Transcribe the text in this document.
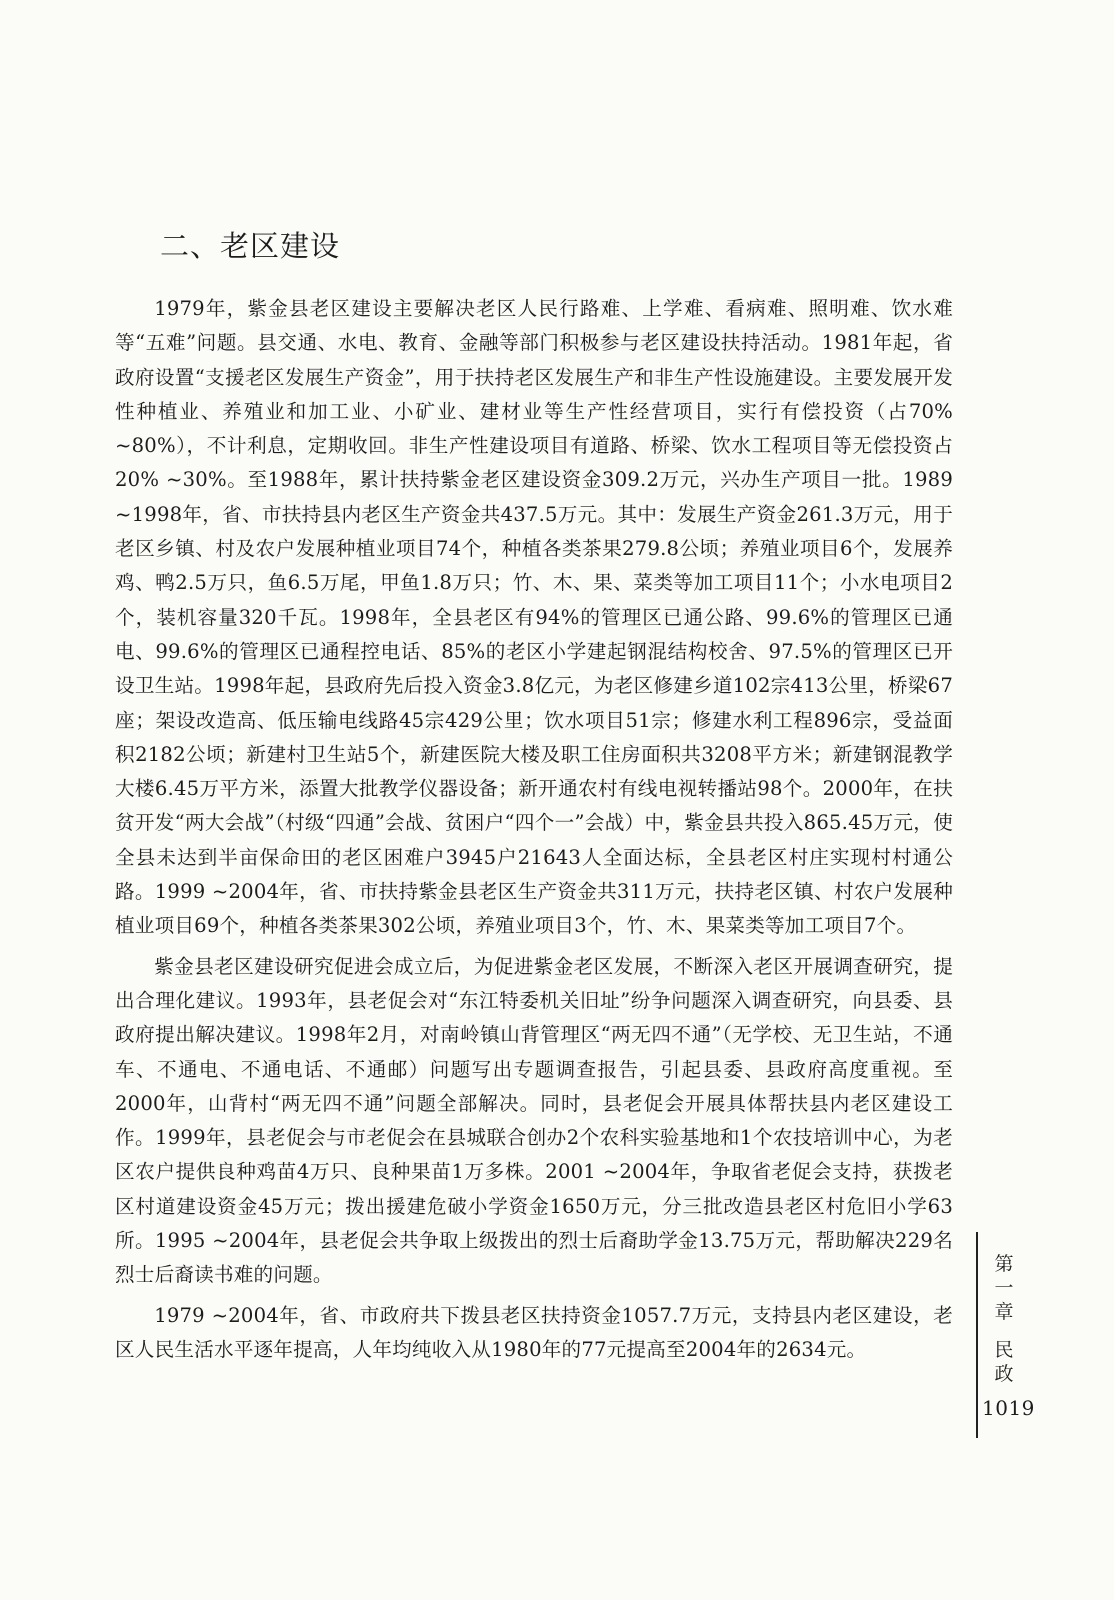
二、老区建设

1979年，紫金县老区建设主要解决老区人民行路难、上学难、看病难、照明难、饮水难等“五难”问题。县交通、水电、教育、金融等部门积极参与老区建设扶持活动。1981年起，省政府设置“支援老区发展生产资金”，用于扶持老区发展生产和非生产性设施建设。主要发展开发性种植业、养殖业和加工业、小矿业、建材业等生产性经营项目，实行有偿投资（占70% ~80%），不计利息，定期收回。非生产性建设项目有道路、桥梁、饮水工程项目等无偿投资占20% ~30%。至1988年，累计扶持紫金老区建设资金309.2万元，兴办生产项目一批。1989 ~1998年，省、市扶持县内老区生产资金共437.5万元。其中：发展生产资金261.3万元，用于老区乡镇、村及农户发展种植业项目74个，种植各类茶果279.8公顷；养殖业项目6个，发展养鸡、鸭2.5万只，鱼6.5万尾，甲鱼1.8万只；竹、木、果、菜类等加工项目11个；小水电项目2个，装机容量320千瓦。1998年，全县老区有94%的管理区已通公路、99.6%的管理区已通电、99.6%的管理区已通程控电话、85%的老区小学建起钢混结构校舍、97.5%的管理区已开设卫生站。1998年起，县政府先后投入资金3.8亿元，为老区修建乡道102宗413公里，桥梁67座；架设改造高、低压输电线路45宗429公里；饮水项目51宗；修建水利工程896宗，受益面积2182公顷；新建村卫生站5个，新建医院大楼及职工住房面积共3208平方米；新建钢混教学大楼6.45万平方米，添置大批教学仪器设备；新开通农村有线电视转播站98个。2000年，在扶贫开发“两大会战”（村级“四通”会战、贫困户“四个一”会战）中，紫金县共投入865.45万元，使全县未达到半亩保命田的老区困难户3945户21643人全面达标，全县老区村庄实现村村通公路。1999 ~2004年，省、市扶持紫金县老区生产资金共311万元，扶持老区镇、村农户发展种植业项目69个，种植各类茶果302公顷，养殖业项目3个，竹、木、果菜类等加工项目7个。

紫金县老区建设研究促进会成立后，为促进紫金老区发展，不断深入老区开展调查研究，提出合理化建议。1993年，县老促会对“东江特委机关旧址”纷争问题深入调查研究，向县委、县政府提出解决建议。1998年2月，对南岭镇山背管理区“两无四不通”（无学校、无卫生站，不通车、不通电、不通电话、不通邮）问题写出专题调查报告，引起县委、县政府高度重视。至2000年，山背村“两无四不通”问题全部解决。同时，县老促会开展具体帮扶县内老区建设工作。1999年，县老促会与市老促会在县城联合创办2个农科实验基地和1个农技培训中心，为老区农户提供良种鸡苗4万只、良种果苗1万多株。2001 ~2004年，争取省老促会支持，获拨老区村道建设资金45万元；拨出援建危破小学资金1650万元，分三批改造县老区村危旧小学63所。1995 ~2004年，县老促会共争取上级拨出的烈士后裔助学金13.75万元，帮助解决229名烈士后裔读书难的问题。

1979 ~2004年，省、市政府共下拨县老区扶持资金1057.7万元，支持县内老区建设，老区人民生活水平逐年提高，人年均纯收入从1980年的77元提高至2004年的2634元。

第
一
章
民
政
1019
